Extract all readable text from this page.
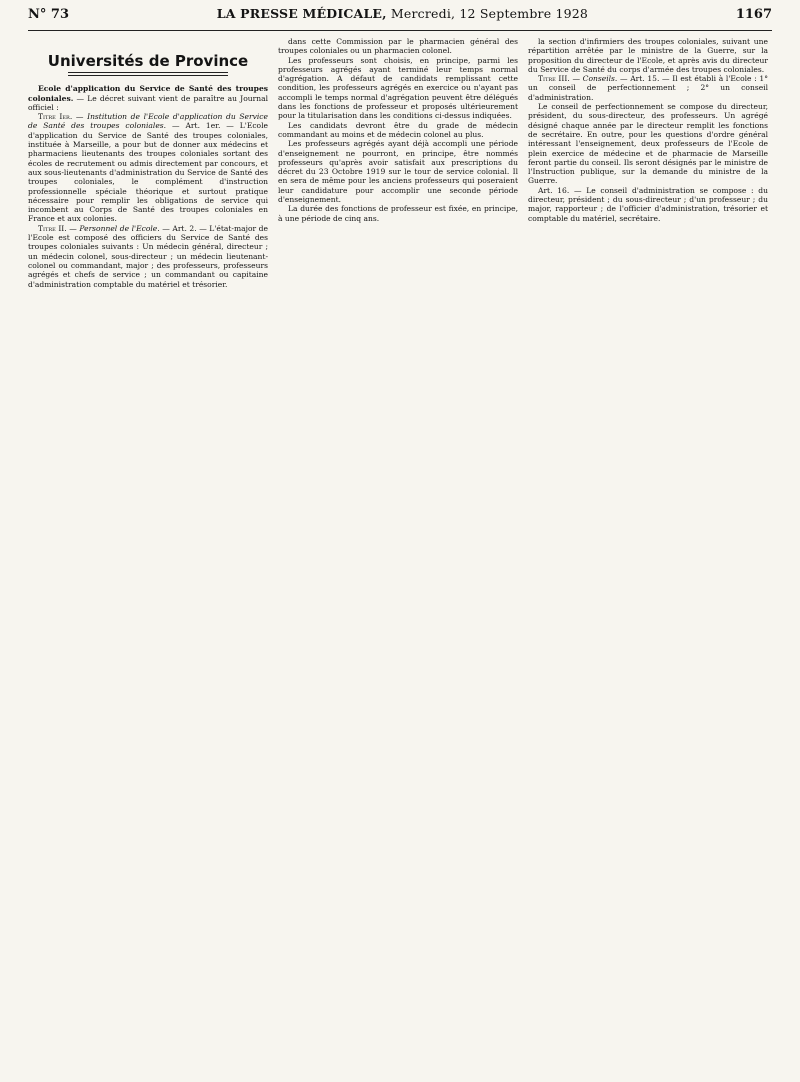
N° 73	LA PRESSE MÉDICALE, Mercredi, 12 Septembre 1928	1167
Universités de Province

Ecole d'application du Service de Santé des troupes coloniales. — Le décret suivant vient de paraître au Journal officiel :

Titre Ier. — Institution de l'Ecole d'application du Service de Santé des troupes coloniales. — Art. 1er. — L'Ecole d'application du Service de Santé des troupes coloniales, instituée à Marseille, a pour but de donner aux médecins et pharmaciens lieutenants des troupes coloniales sortant des écoles de recrutement ou admis directement par concours, et aux sous-lieutenants d'administration du Service de Santé des troupes coloniales, le complément d'instruction professionnelle spéciale théorique et surtout pratique nécessaire pour remplir les obligations de service qui incombent au Corps de Santé des troupes coloniales en France et aux colonies.

Titre II. — Personnel de l'Ecole. — Art. 2. — L'état-major de l'Ecole est composé des officiers du Service de Santé des troupes coloniales suivants : Un médecin général, directeur ; un médecin colonel, sous-directeur ; un médecin lieutenant-colonel ou commandant, major ; des professeurs, professeurs agrégés et chefs de service ; un commandant ou capitaine d'administration comptable du matériel et trésorier.

dans cette Commission par le pharmacien général des troupes coloniales ou un pharmacien colonel.

Les professeurs sont choisis, en principe, parmi les professeurs agrégés ayant terminé leur temps normal d'agrégation. A défaut de candidats remplissant cette condition, les professeurs agrégés en exercice ou n'ayant pas accompli le temps normal d'agrégation peuvent être délégués dans les fonctions de professeur et proposés ultérieurement pour la titularisation dans les conditions ci-dessus indiquées.

Les candidats devront être du grade de médecin commandant au moins et de médecin colonel au plus.

Les professeurs agrégés ayant déjà accompli une période d'enseignement ne pourront, en principe, être nommés professeurs qu'après avoir satisfait aux prescriptions du décret du 23 Octobre 1919 sur le tour de service colonial. Il en sera de même pour les anciens professeurs qui poseraient leur candidature pour accomplir une seconde période d'enseignement.

La durée des fonctions de professeur est fixée, en principe, à une période de cinq ans.

la section d'infirmiers des troupes coloniales, suivant une répartition arrêtée par le ministre de la Guerre, sur la proposition du directeur de l'Ecole, et après avis du directeur du Service de Santé du corps d'armée des troupes coloniales.

Titre III. — Conseils. — Art. 15. — Il est établi à l'Ecole : 1° un conseil de perfectionnement ; 2° un conseil d'administration.

Le conseil de perfectionnement se compose du directeur, président, du sous-directeur, des professeurs. Un agrégé désigné chaque année par le directeur remplit les fonctions de secrétaire. En outre, pour les questions d'ordre général intéressant l'enseignement, deux professeurs de l'Ecole de plein exercice de médecine et de pharmacie de Marseille feront partie du conseil. Ils seront désignés par le ministre de l'Instruction publique, sur la demande du ministre de la Guerre.

Art. 16. — Le conseil d'administration se compose : du directeur, président ; du sous-directeur ; d'un professeur ; du major, rapporteur ; de l'officier d'administration, trésorier et comptable du matériel, secrétaire.
